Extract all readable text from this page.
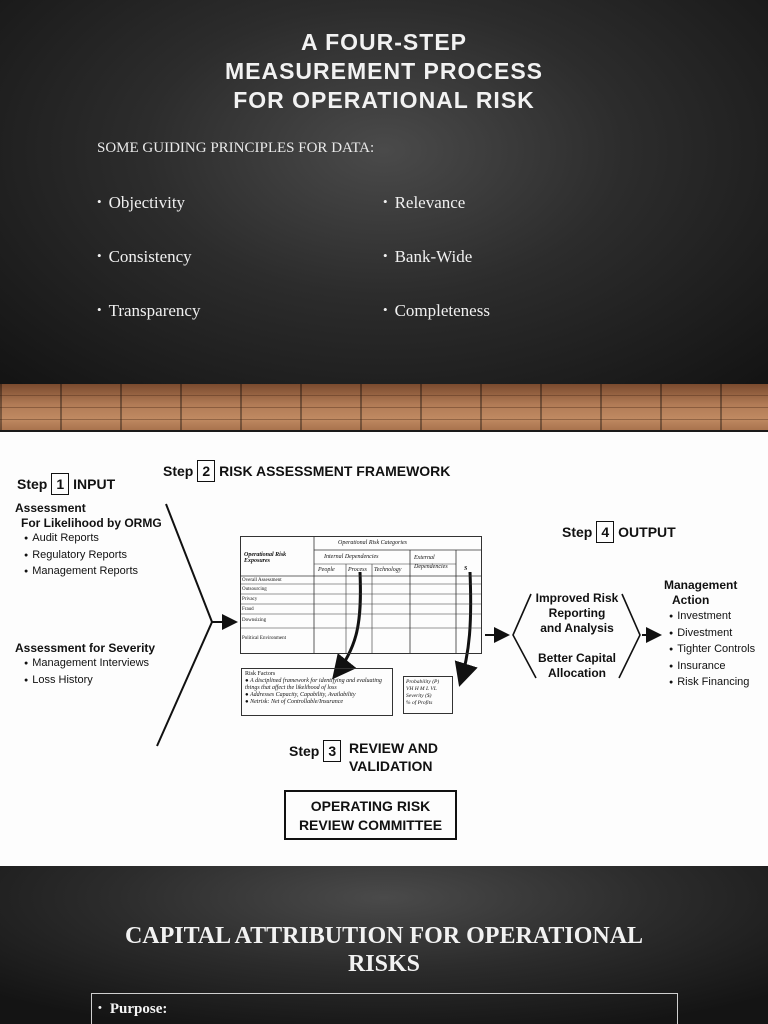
A FOUR-STEP
MEASUREMENT PROCESS
FOR OPERATIONAL RISK
SOME GUIDING PRINCIPLES FOR DATA:
• Objectivity
• Consistency
• Transparency
• Relevance
• Bank-Wide
• Completeness
Step 1 INPUT
Assessment
For Likelihood by ORMG
● Audit Reports
● Regulatory Reports
● Management Reports
Assessment for Severity
● Management Interviews
● Loss History
Step 2 RISK ASSESSMENT FRAMEWORK
Operational Risk Categories
Operational Risk Exposures
Internal Dependencies	External Dependencies	S
People Process Technology
Overall Assessment
Outsourcing
Privacy
Fraud
Downsizing
Political Environment
Risk Factors
● A disciplined framework for identifying and evaluating things that affect the likelihood of loss
● Addresses Capacity, Capability, Availability
● Netrisk: Net of Controllable/Insurance
Probability (P)
VH H M L VL
Severity ($)
% of Profits
Step 3 REVIEW AND
VALIDATION
OPERATING RISK
REVIEW COMMITTEE
Step 4 OUTPUT
Improved Risk
Reporting
and Analysis
Better Capital
Allocation
Management
Action
● Investment
● Divestment
● Tighter Controls
● Insurance
● Risk Financing
CAPITAL ATTRIBUTION FOR OPERATIONAL
RISKS
• Purpose:
